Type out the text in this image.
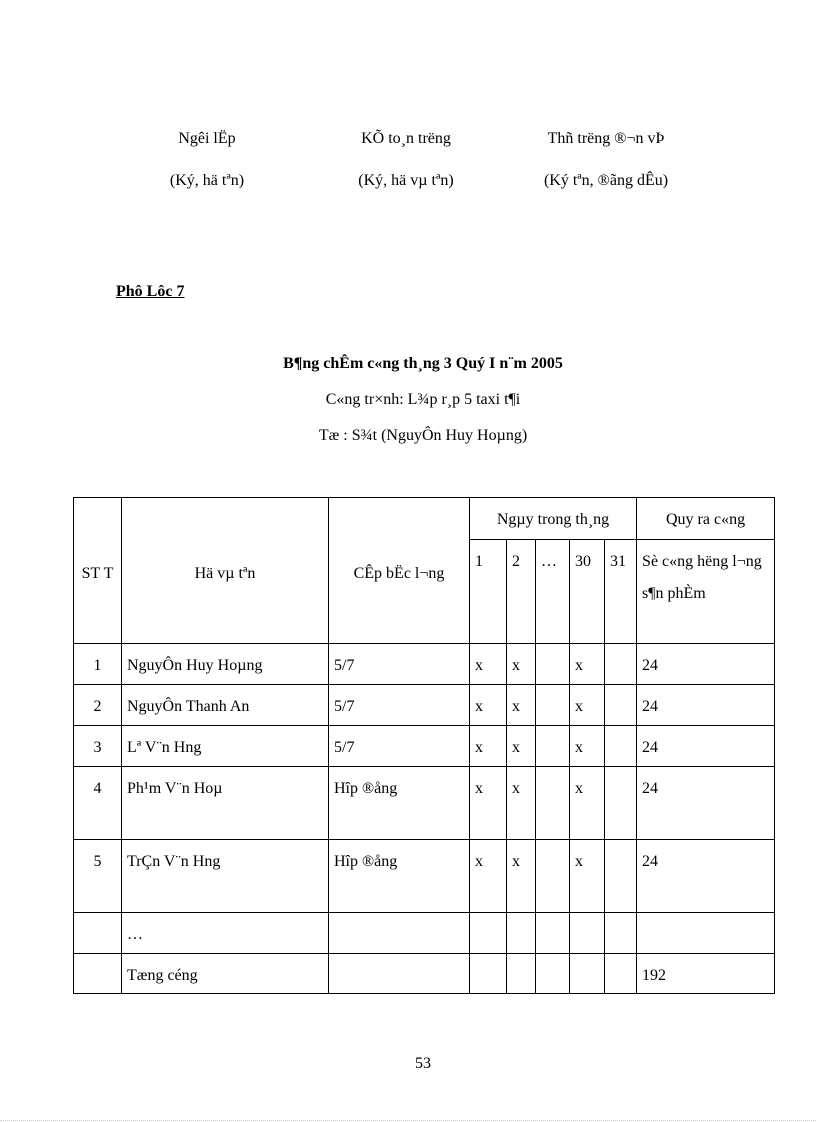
Ngêi lËp
(Ký, hä tªn)
KÕ to¸n trëng
(Ký, hä vµ tªn)
Thñ trëng ®¬n vÞ
(Ký tªn, ®ãng dÊu)
Phô Lôc 7
B¶ng chÊm c«ng th¸ng 3 Quý I n¨m 2005
C«ng tr×nh: L¾p r¸p 5 taxi t¶i
Tæ : S¾t (NguyÔn Huy Hoµng)
ST T	Hä vµ tªn	CÊp bËc l¬ng	Ngµy trong th¸ng					Quy ra c«ng
			1	2	…	30	31	Sè c«ng hëng l¬ng s¶n phÈm
1	NguyÔn Huy Hoµng	5/7	x	x		x		24
2	NguyÔn Thanh An	5/7	x	x		x		24
3	Lª V¨n Hng	5/7	x	x		x		24
4	Ph¹m V¨n Hoµ	Hîp ®ång	x	x		x		24
5	TrÇn V¨n Hng	Hîp ®ång	x	x		x		24
	…							
	Tæng céng							192
53
